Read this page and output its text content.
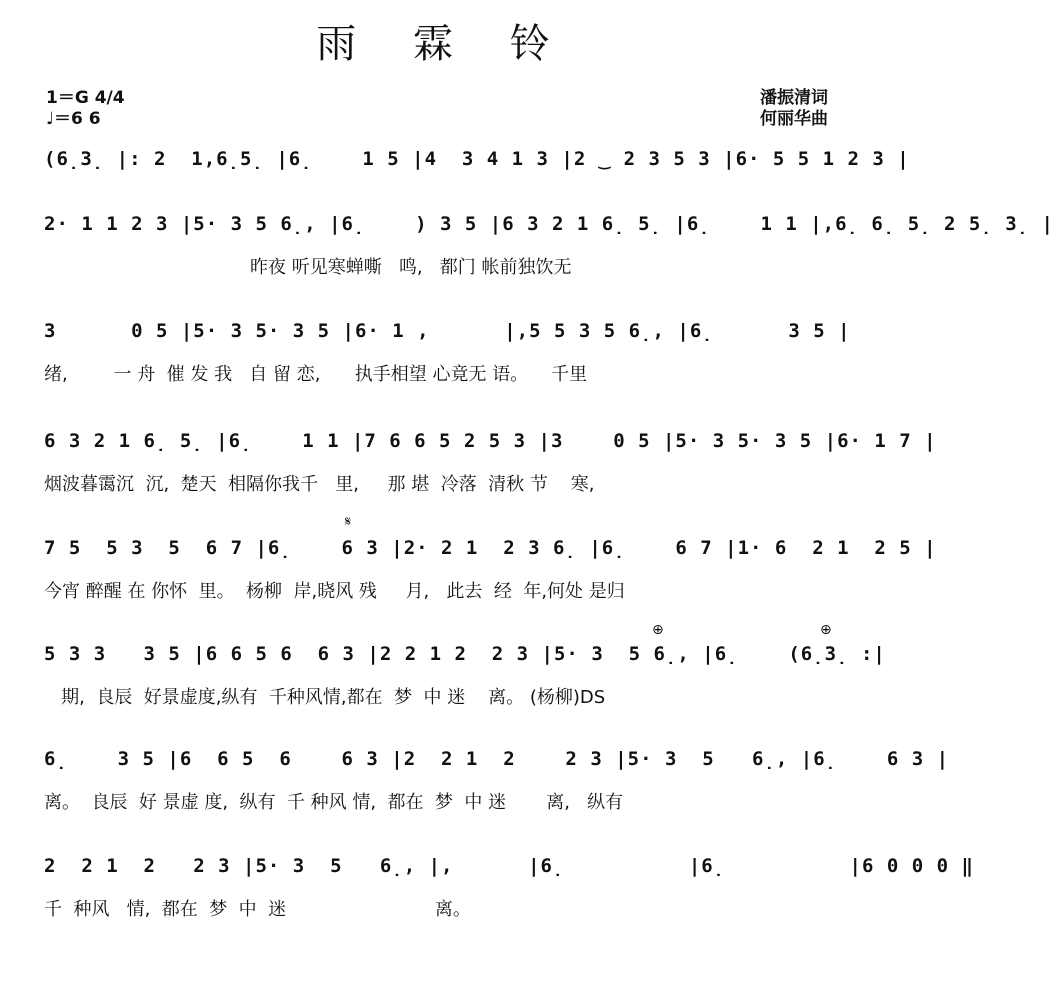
雨 霖 铃
1＝G 4/4
♩＝6 6
潘振清词
何丽华曲
𝄋
⊕	⊕
(6̣3̣ |: 2  1,6̣5̣ |6̣    1 5 |4  3 4 1 3 |2 ‿ 2 3 5 3 |6· 5 5 1 2 3 |
2· 1 1 2 3 |5· 3 5 6̣, |6̣    ) 3 5 |6 3 2 1 6̣ 5̣ |6̣    1 1 |,6̣ 6̣ 5̣ 2 5̣ 3̣ |
昨夜 听见寒蝉嘶   鸣,   都门 帐前独饮无
3      0 5 |5· 3 5· 3 5 |6· 1 ,      |,5 5 3 5 6̣, |6̣      3 5 |
绪,        一 舟  催 发 我   自 留 恋,      执手相望 心竟无 语。    千里
6 3 2 1 6̣ 5̣ |6̣    1 1 |7 6 6 5 2 5 3 |3    0 5 |5· 3 5· 3 5 |6· 1 7 |
烟波暮霭沉  沉,  楚天  相隔你我千   里,     那 堪  冷落  清秋 节    寒,
7 5  5 3  5  6 7 |6̣    6 3 |2· 2 1  2 3 6̣ |6̣    6 7 |1· 6  2 1  2 5 |
今宵 醉醒 在 你怀  里。  杨柳  岸,晓风 残     月,   此去  经  年,何处 是归
5 3 3   3 5 |6 6 5 6  6 3 |2 2 1 2  2 3 |5· 3  5 6̣, |6̣    (6̣3̣ :|
期,  良辰  好景虚度,纵有  千种风情,都在  梦  中 迷    离。 (杨柳)DS
6̣    3 5 |6  6 5  6    6 3 |2  2 1  2    2 3 |5· 3  5   6̣, |6̣    6 3 |
离。  良辰  好 景虚 度,  纵有  千 种风 情,  都在  梦  中 迷       离,   纵有
2  2 1  2   2 3 |5· 3  5   6̣, |,      |6̣          |6̣          |6 0 0 0 ‖
千  种风   情,  都在  梦  中  迷                          离。
